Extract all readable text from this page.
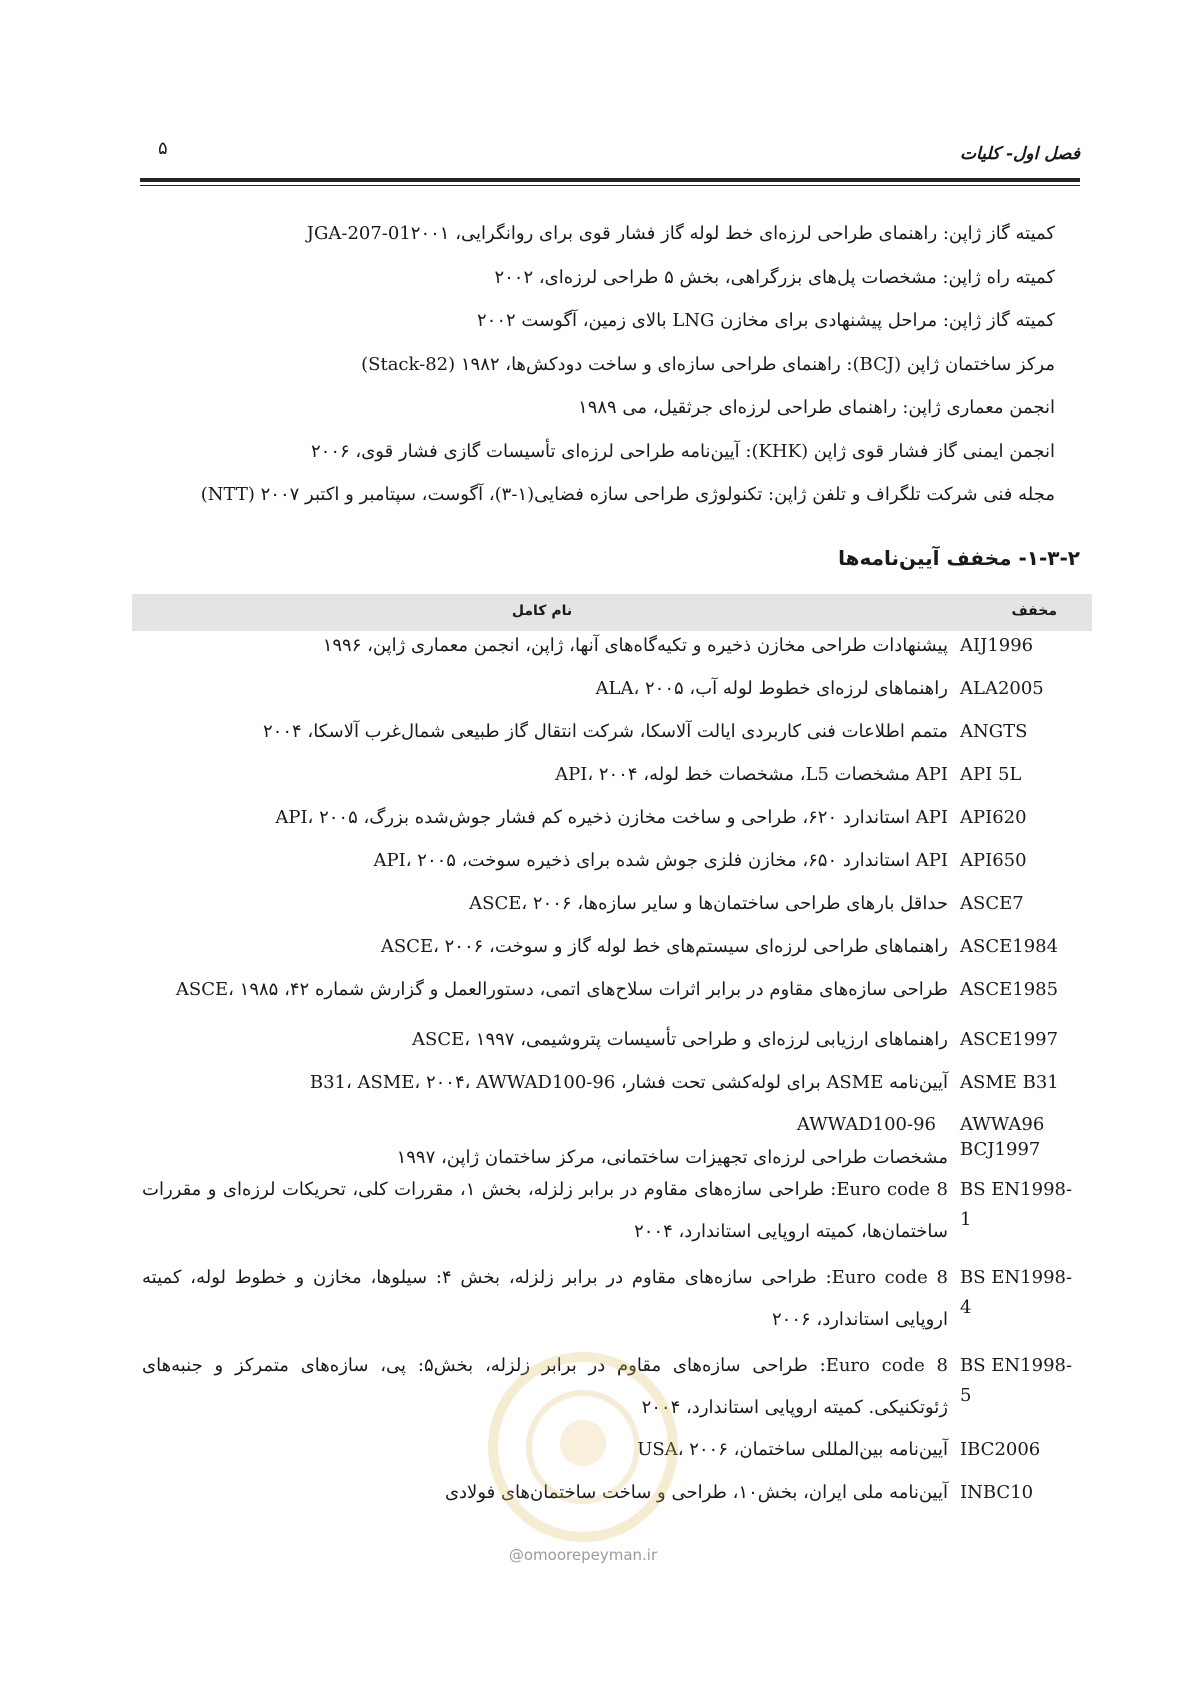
۵	فصل اول- کلیات
کمیته گاز ژاپن: راهنمای طراحی لرزه‌ای خط لوله گاز فشار قوی برای روانگرایی، JGA-207-01۲۰۰۱
کمیته راه ژاپن: مشخصات پل‌های بزرگراهی، بخش ۵ طراحی لرزه‌ای، ۲۰۰۲
کمیته گاز ژاپن: مراحل پیشنهادی برای مخازن LNG بالای زمین، آگوست ۲۰۰۲
مرکز ساختمان ژاپن (BCJ): راهنمای طراحی سازه‌ای و ساخت دودکش‌ها، ۱۹۸۲ (Stack-82)
انجمن معماری ژاپن: راهنمای طراحی لرزه‌ای جرثقیل، می ۱۹۸۹
انجمن ایمنی گاز فشار قوی ژاپن (KHK): آیین‌نامه طراحی لرزه‌ای تأسیسات گازی فشار قوی، ۲۰۰۶
مجله فنی شرکت تلگراف و تلفن ژاپن: تکنولوژی طراحی سازه فضایی(۱-۳)، آگوست، سپتامبر و اکتبر ۲۰۰۷ (NTT)
۱-۳-۲- مخفف آیین‌نامه‌ها
مخفف
نام کامل
AIJ1996
پیشنهادات طراحی مخازن ذخیره و تکیه‌گاه‌های آنها، ژاپن، انجمن معماری ژاپن، ۱۹۹۶
ALA2005
راهنماهای لرزه‌ای خطوط لوله آب، ALA، ۲۰۰۵
ANGTS
متمم اطلاعات فنی کاربردی ایالت آلاسکا، شرکت انتقال گاز طبیعی شمال‌غرب آلاسکا، ۲۰۰۴
API 5L
API مشخصات L5، مشخصات خط لوله، API، ۲۰۰۴
API620
API استاندارد ۶۲۰، طراحی و ساخت مخازن ذخیره کم فشار جوش‌شده بزرگ، API، ۲۰۰۵
API650
API استاندارد ۶۵۰، مخازن فلزی جوش شده برای ذخیره سوخت، API، ۲۰۰۵
ASCE7
حداقل بارهای طراحی ساختمان‌ها و سایر سازه‌ها، ASCE، ۲۰۰۶
ASCE1984
راهنماهای طراحی لرزه‌ای سیستم‌های خط لوله گاز و سوخت، ASCE، ۲۰۰۶
ASCE1985
طراحی سازه‌های مقاوم در برابر اثرات سلاح‌های اتمی، دستورالعمل و گزارش شماره ۴۲، ASCE، ۱۹۸۵
ASCE1997
راهنماهای ارزیابی لرزه‌ای و طراحی تأسیسات پتروشیمی، ASCE، ۱۹۹۷
ASME B31
آیین‌نامه ASME برای لوله‌کشی تحت فشار، B31، ASME، ۲۰۰۴، AWWAD100-96
AWWA96
AWWAD100-96
BCJ1997
مشخصات طراحی لرزه‌ای تجهیزات ساختمانی، مرکز ساختمان ژاپن، ۱۹۹۷
BS EN1998-1
Euro code 8: طراحی سازه‌های مقاوم در برابر زلزله، بخش ۱، مقررات کلی، تحریکات لرزه‌ای و مقررات ساختمان‌ها، کمیته اروپایی استاندارد، ۲۰۰۴
BS EN1998-4
Euro code 8: طراحی سازه‌های مقاوم در برابر زلزله، بخش ۴: سیلوها، مخازن و خطوط لوله، کمیته اروپایی استاندارد، ۲۰۰۶
BS EN1998-5
Euro code 8: طراحی سازه‌های مقاوم در برابر زلزله، بخش۵: پی، سازه‌های متمرکز و جنبه‌های ژئوتکنیکی. کمیته اروپایی استاندارد، ۲۰۰۴
IBC2006
آیین‌نامه بین‌المللی ساختمان، USA، ۲۰۰۶
INBC10
آیین‌نامه ملی ایران، بخش۱۰، طراحی و ساخت ساختمان‌های فولادی
@omoorepeyman.ir
